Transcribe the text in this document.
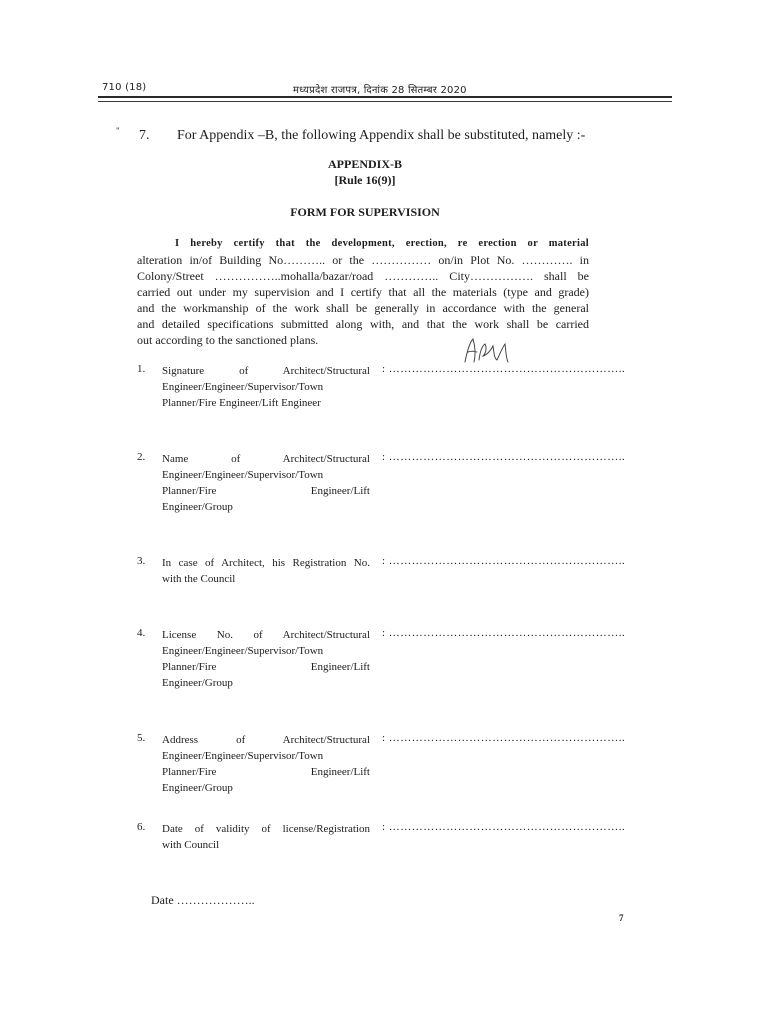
710 (18)	मध्यप्रदेश राजपत्र, दिनांक 28 सितम्बर 2020
" 7. For Appendix –B, the following Appendix shall be substituted, namely :-
APPENDIX-B
[Rule 16(9)]
FORM FOR SUPERVISION
I hereby certify that the development, erection, re erection or material
alteration in/of Building No……….. or the …………… on/in Plot No. …………. in
Colony/Street ……………..mohalla/bazar/road ………….. City……………. shall be
carried out under my supervision and I certify that all the materials (type and grade)
and the workmanship of the work shall be generally in accordance with the general
and detailed specifications submitted along with, and that the work shall be carried
out according to the sanctioned plans.
1. Signature of Architect/Structural
Engineer/Engineer/Supervisor/Town
Planner/Fire Engineer/Lift Engineer
: ……………………………………………………..
2. Name of Architect/Structural
Engineer/Engineer/Supervisor/Town
Planner/Fire Engineer/Lift
Engineer/Group
: ……………………………………………………..
3. In case of Architect, his Registration No.
with the Council
: ……………………………………………………..
4. License No. of Architect/Structural
Engineer/Engineer/Supervisor/Town
Planner/Fire Engineer/Lift
Engineer/Group
: ……………………………………………………..
5. Address of Architect/Structural
Engineer/Engineer/Supervisor/Town
Planner/Fire Engineer/Lift
Engineer/Group
: ……………………………………………………..
6. Date of validity of license/Registration
with Council
: ……………………………………………………..
Date ………………..
7
